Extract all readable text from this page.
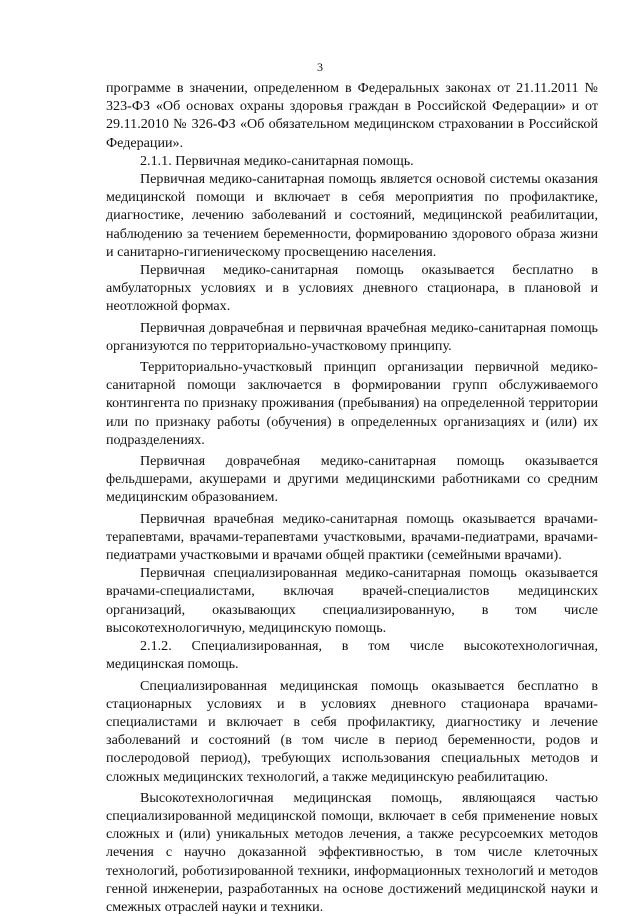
3

программе в значении, определенном в Федеральных законах от 21.11.2011 № 323-ФЗ «Об основах охраны здоровья граждан в Российской Федерации» и от 29.11.2010 № 326-ФЗ «Об обязательном медицинском страховании в Российской Федерации».

2.1.1. Первичная медико-санитарная помощь.

Первичная медико-санитарная помощь является основой системы оказания медицинской помощи и включает в себя мероприятия по профилактике, диагностике, лечению заболеваний и состояний, медицинской реабилитации, наблюдению за течением беременности, формированию здорового образа жизни и санитарно-гигиеническому просвещению населения.

Первичная медико-санитарная помощь оказывается бесплатно в амбулаторных условиях и в условиях дневного стационара, в плановой и неотложной формах.

Первичная доврачебная и первичная врачебная медико-санитарная помощь организуются по территориально-участковому принципу.

Территориально-участковый принцип организации первичной медико-санитарной помощи заключается в формировании групп обслуживаемого контингента по признаку проживания (пребывания) на определенной территории или по признаку работы (обучения) в определенных организациях и (или) их подразделениях.

Первичная доврачебная медико-санитарная помощь оказывается фельдшерами, акушерами и другими медицинскими работниками со средним медицинским образованием.

Первичная врачебная медико-санитарная помощь оказывается врачами-терапевтами, врачами-терапевтами участковыми, врачами-педиатрами, врачами-педиатрами участковыми и врачами общей практики (семейными врачами).

Первичная специализированная медико-санитарная помощь оказывается врачами-специалистами, включая врачей-специалистов медицинских организаций, оказывающих специализированную, в том числе высокотехнологичную, медицинскую помощь.

2.1.2. Специализированная, в том числе высокотехнологичная, медицинская помощь.

Специализированная медицинская помощь оказывается бесплатно в стационарных условиях и в условиях дневного стационара врачами-специалистами и включает в себя профилактику, диагностику и лечение заболеваний и состояний (в том числе в период беременности, родов и послеродовой период), требующих использования специальных методов и сложных медицинских технологий, а также медицинскую реабилитацию.

Высокотехнологичная медицинская помощь, являющаяся частью специализированной медицинской помощи, включает в себя применение новых сложных и (или) уникальных методов лечения, а также ресурсоемких методов лечения с научно доказанной эффективностью, в том числе клеточных технологий, роботизированной техники, информационных технологий и методов генной инженерии, разработанных на основе достижений медицинской науки и смежных отраслей науки и техники.
